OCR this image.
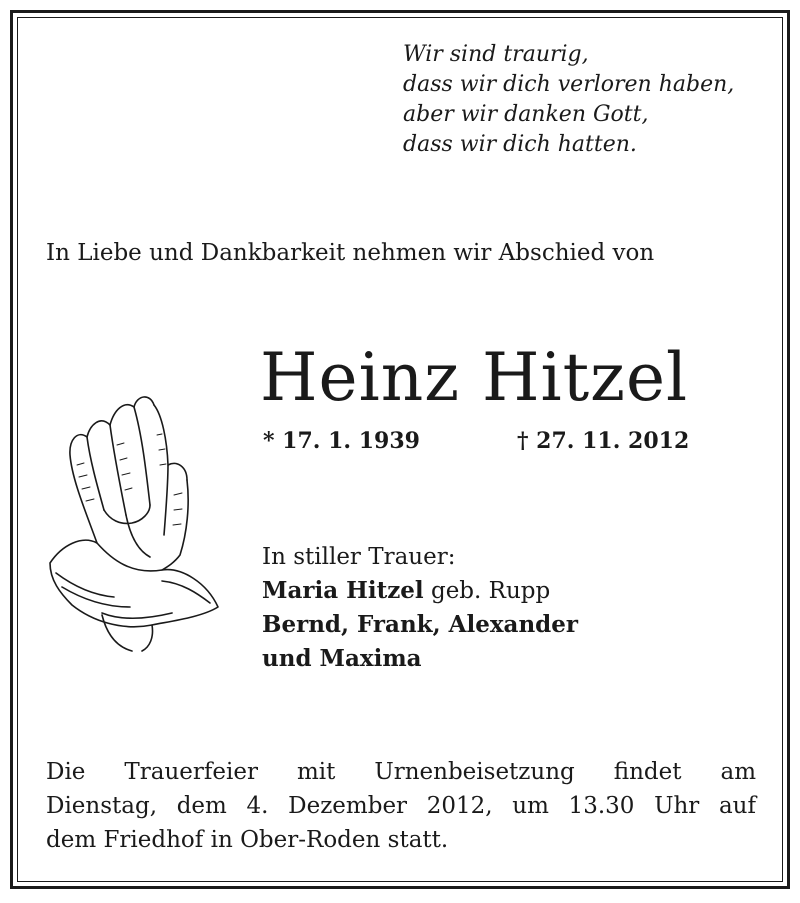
Wir sind traurig,
dass wir dich verloren haben,
aber wir danken Gott,
dass wir dich hatten.
In Liebe und Dankbarkeit nehmen wir Abschied von
Heinz Hitzel
* 17. 1. 1939	† 27. 11. 2012
In stiller Trauer:
Maria Hitzel geb. Rupp
Bernd, Frank, Alexander
und Maxima
Die Trauerfeier mit Urnenbeisetzung findet am
Dienstag, dem 4. Dezember 2012, um 13.30 Uhr auf
dem Friedhof in Ober-Roden statt.
